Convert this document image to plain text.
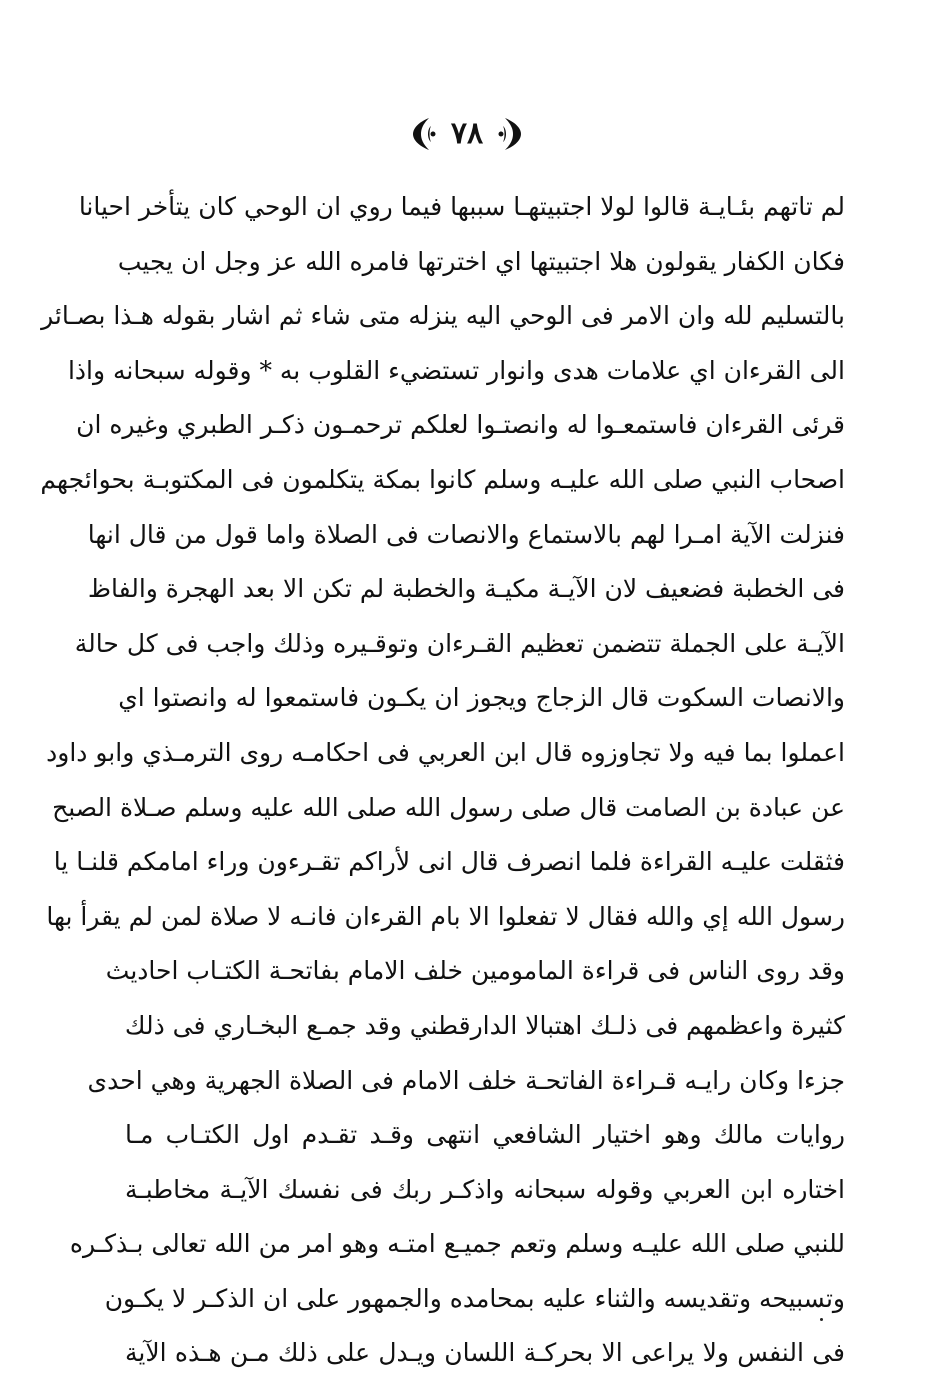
٧٨
لم تاتهم بئـايـة قالوا لولا اجتبيتهـا سببها فيما روي ان الوحي كان يتأخر احيانا
فكان الكفار يقولون هلا اجتبيتها اي اخترتها فامره الله عز وجل ان يجيب
بالتسليم لله وان الامر فى الوحي اليه ينزله متى شاء ثم اشار بقوله هـذا بصـائر
الى القرءان اي علامات هدى وانوار تستضيء القلوب به * وقوله سبحانه واذا
قرئى القرءان فاستمعـوا له وانصتـوا لعلكم ترحمـون ذكـر الطبري وغيره ان
اصحاب النبي صلى الله عليـه وسلم كانوا بمكة يتكلمون فى المكتوبـة بحوائجهم
فنزلت الآية امـرا لهم بالاستماع والانصات فى الصلاة واما قول من قال انها
فى الخطبة فضعيف لان الآيـة مكيـة والخطبة لم تكن الا بعد الهجرة والفاظ
الآيـة على الجملة تتضمن تعظيم القـرءان وتوقـيره وذلك واجب فى كل حالة
والانصات السكوت قال الزجاج ويجوز ان يكـون فاستمعوا له وانصتوا اي
اعملوا بما فيه ولا تجاوزوه قال ابن العربي فى احكامـه روى الترمـذي وابو داود
عن عبادة بن الصامت قال صلى رسول الله صلى الله عليه وسلم صـلاة الصبح
فثقلت عليـه القراءة فلما انصرف قال انى لأراكم تقـرءون وراء امامكم قلنـا يا
رسول الله إي والله فقال لا تفعلوا الا بام القرءان فانـه لا صلاة لمن لم يقرأ بها
وقد روى الناس فى قراءة المامومين خلف الامام بفاتحـة الكتـاب احاديث
كثيرة واعظمهم فى ذلـك اهتبالا الدارقطني وقد جمـع البخـاري فى ذلك
جزءا وكان رايـه قـراءة الفاتحـة خلف الامام فى الصلاة الجهرية وهي احدى
روايات مالك وهو اختيار الشافعي انتهى وقـد تقـدم اول الكتـاب مـا
اختاره ابن العربي وقوله سبحانه واذكـر ربك فى نفسك الآيـة مخاطبـة
للنبي صلى الله عليـه وسلم وتعم جميـع امتـه وهو امر من الله تعالى بـذكـره
وتسبيحه وتقديسه والثناء عليه بمحامده والجمهور على ان الذكـر لا يكـون
فى النفس ولا يراعى الا بحركـة اللسان ويـدل على ذلك مـن هـذه الآية
